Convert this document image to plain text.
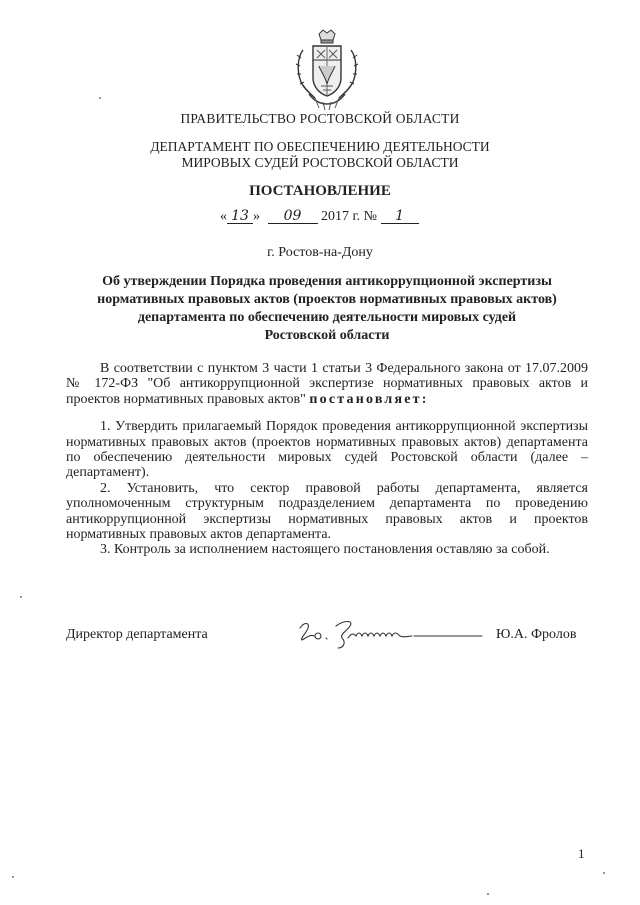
ПРАВИТЕЛЬСТВО РОСТОВСКОЙ ОБЛАСТИ
ДЕПАРТАМЕНТ ПО ОБЕСПЕЧЕНИЮ ДЕЯТЕЛЬНОСТИ
МИРОВЫХ СУДЕЙ РОСТОВСКОЙ ОБЛАСТИ
ПОСТАНОВЛЕНИЕ
« 13 » 09 2017 г. № 1
г. Ростов-на-Дону
Об утверждении Порядка проведения антикоррупционной экспертизы
нормативных правовых актов (проектов нормативных правовых актов)
департамента по обеспечению деятельности мировых судей
Ростовской области

В соответствии с пунктом 3 части 1 статьи 3 Федерального закона от 17.07.2009 № 172-ФЗ "Об антикоррупционной экспертизе нормативных правовых актов и проектов нормативных правовых актов" постановляет:

1. Утвердить прилагаемый Порядок проведения антикоррупционной экспертизы нормативных правовых актов (проектов нормативных правовых актов) департамента по обеспечению деятельности мировых судей Ростовской области (далее – департамент).

2. Установить, что сектор правовой работы департамента, является уполномоченным структурным подразделением департамента по проведению антикоррупционной экспертизы нормативных правовых актов и проектов нормативных правовых актов департамента.

3. Контроль за исполнением настоящего постановления оставляю за собой.

Директор департамента	Ю.А. Фролов
1
